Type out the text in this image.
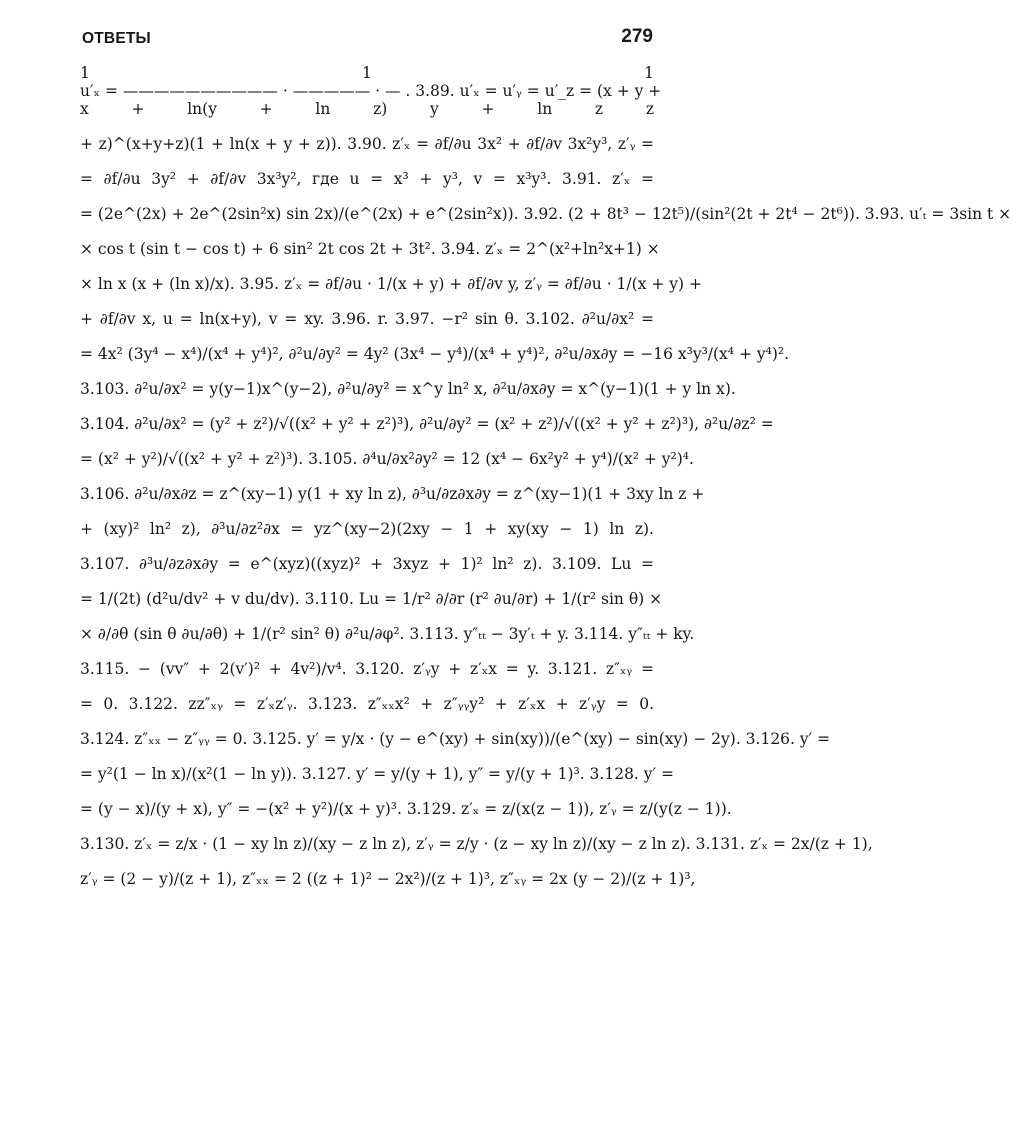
ОТВЕТЫ	279
1 1 1
u′ₓ = —————————— · ————— · — . 3.89. u′ₓ = u′ᵧ = u′_z = (x + y +
x + ln(y + ln z) y + ln z z
+ z)^(x+y+z)(1 + ln(x + y + z)). 3.90. z′ₓ = ∂f/∂u 3x² + ∂f/∂v 3x²y³, z′ᵧ =
= ∂f/∂u 3y² + ∂f/∂v 3x³y², где u = x³ + y³, v = x³y³. 3.91. z′ₓ =
= (2e^(2x) + 2e^(2sin²x) sin 2x)/(e^(2x) + e^(2sin²x)). 3.92. (2 + 8t³ − 12t⁵)/(sin²(2t + 2t⁴ − 2t⁶)). 3.93. u′ₜ = 3sin t ×
× cos t (sin t − cos t) + 6 sin² 2t cos 2t + 3t². 3.94. z′ₓ = 2^(x²+ln²x+1) ×
× ln x (x + (ln x)/x). 3.95. z′ₓ = ∂f/∂u · 1/(x + y) + ∂f/∂v y, z′ᵧ = ∂f/∂u · 1/(x + y) +
+ ∂f/∂v x, u = ln(x+y), v = xy. 3.96. r. 3.97. −r² sin θ. 3.102. ∂²u/∂x² =
= 4x² (3y⁴ − x⁴)/(x⁴ + y⁴)², ∂²u/∂y² = 4y² (3x⁴ − y⁴)/(x⁴ + y⁴)², ∂²u/∂x∂y = −16 x³y³/(x⁴ + y⁴)².
3.103. ∂²u/∂x² = y(y−1)x^(y−2), ∂²u/∂y² = x^y ln² x, ∂²u/∂x∂y = x^(y−1)(1 + y ln x).
3.104. ∂²u/∂x² = (y² + z²)/√((x² + y² + z²)³), ∂²u/∂y² = (x² + z²)/√((x² + y² + z²)³), ∂²u/∂z² =
= (x² + y²)/√((x² + y² + z²)³). 3.105. ∂⁴u/∂x²∂y² = 12 (x⁴ − 6x²y² + y⁴)/(x² + y²)⁴.
3.106. ∂²u/∂x∂z = z^(xy−1) y(1 + xy ln z), ∂³u/∂z∂x∂y = z^(xy−1)(1 + 3xy ln z +
+ (xy)² ln² z), ∂³u/∂z²∂x = yz^(xy−2)(2xy − 1 + xy(xy − 1) ln z).
3.107. ∂³u/∂z∂x∂y = e^(xyz)((xyz)² + 3xyz + 1)² ln² z). 3.109. Lu =
= 1/(2t) (d²u/dv² + v du/dv). 3.110. Lu = 1/r² ∂/∂r (r² ∂u/∂r) + 1/(r² sin θ) ×
× ∂/∂θ (sin θ ∂u/∂θ) + 1/(r² sin² θ) ∂²u/∂φ². 3.113. y″ₜₜ − 3y′ₜ + y. 3.114. y″ₜₜ + ky.
3.115. − (vv″ + 2(v′)² + 4v²)/v⁴. 3.120. z′ᵧy + z′ₓx = y. 3.121. z″ₓᵧ =
= 0. 3.122. zz″ₓᵧ = z′ₓz′ᵧ. 3.123. z″ₓₓx² + z″ᵧᵧy² + z′ₓx + z′ᵧy = 0.
3.124. z″ₓₓ − z″ᵧᵧ = 0. 3.125. y′ = y/x · (y − e^(xy) + sin(xy))/(e^(xy) − sin(xy) − 2y). 3.126. y′ =
= y²(1 − ln x)/(x²(1 − ln y)). 3.127. y′ = y/(y + 1), y″ = y/(y + 1)³. 3.128. y′ =
= (y − x)/(y + x), y″ = −(x² + y²)/(x + y)³. 3.129. z′ₓ = z/(x(z − 1)), z′ᵧ = z/(y(z − 1)).
3.130. z′ₓ = z/x · (1 − xy ln z)/(xy − z ln z), z′ᵧ = z/y · (z − xy ln z)/(xy − z ln z). 3.131. z′ₓ = 2x/(z + 1),
z′ᵧ = (2 − y)/(z + 1), z″ₓₓ = 2 ((z + 1)² − 2x²)/(z + 1)³, z″ₓᵧ = 2x (y − 2)/(z + 1)³,
